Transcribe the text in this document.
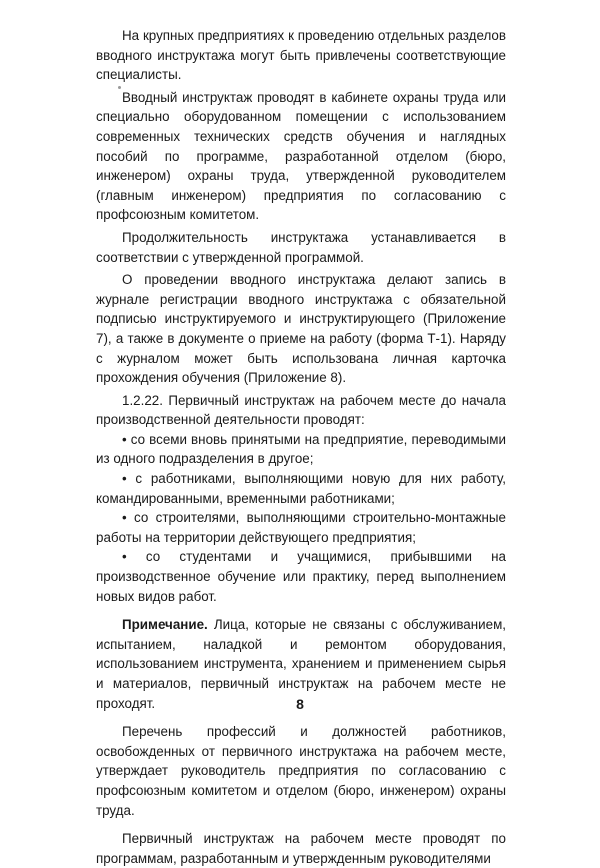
На крупных предприятиях к проведению отдельных разделов вводного инструктажа могут быть привлечены соответствующие специалисты.

Вводный инструктаж проводят в кабинете охраны труда или специально оборудованном помещении с использованием современных технических средств обучения и наглядных пособий по программе, разработанной отделом (бюро, инженером) охраны труда, утвержденной руководителем (главным инженером) предприятия по согласованию с профсоюзным комитетом.

Продолжительность инструктажа устанавливается в соответствии с утвержденной программой.

О проведении вводного инструктажа делают запись в журнале регистрации вводного инструктажа с обязательной подписью инструктируемого и инструктирующего (Приложение 7), а также в документе о приеме на работу (форма Т-1). Наряду с журналом может быть использована личная карточка прохождения обучения (Приложение 8).

1.2.22. Первичный инструктаж на рабочем месте до начала производственной деятельности проводят:

• со всеми вновь принятыми на предприятие, переводимыми из одного подразделения в другое;

• с работниками, выполняющими новую для них работу, командированными, временными работниками;

• со строителями, выполняющими строительно-монтажные работы на территории действующего предприятия;

• со студентами и учащимися, прибывшими на производственное обучение или практику, перед выполнением новых видов работ.

Примечание. Лица, которые не связаны с обслуживанием, испытанием, наладкой и ремонтом оборудования, использованием инструмента, хранением и применением сырья и материалов, первичный инструктаж на рабочем месте не проходят.

Перечень профессий и должностей работников, освобожденных от первичного инструктажа на рабочем месте, утверждает руководитель предприятия по согласованию с профсоюзным комитетом и отделом (бюро, инженером) охраны труда.

Первичный инструктаж на рабочем месте проводят по программам, разработанным и утвержденным руководителями

8
